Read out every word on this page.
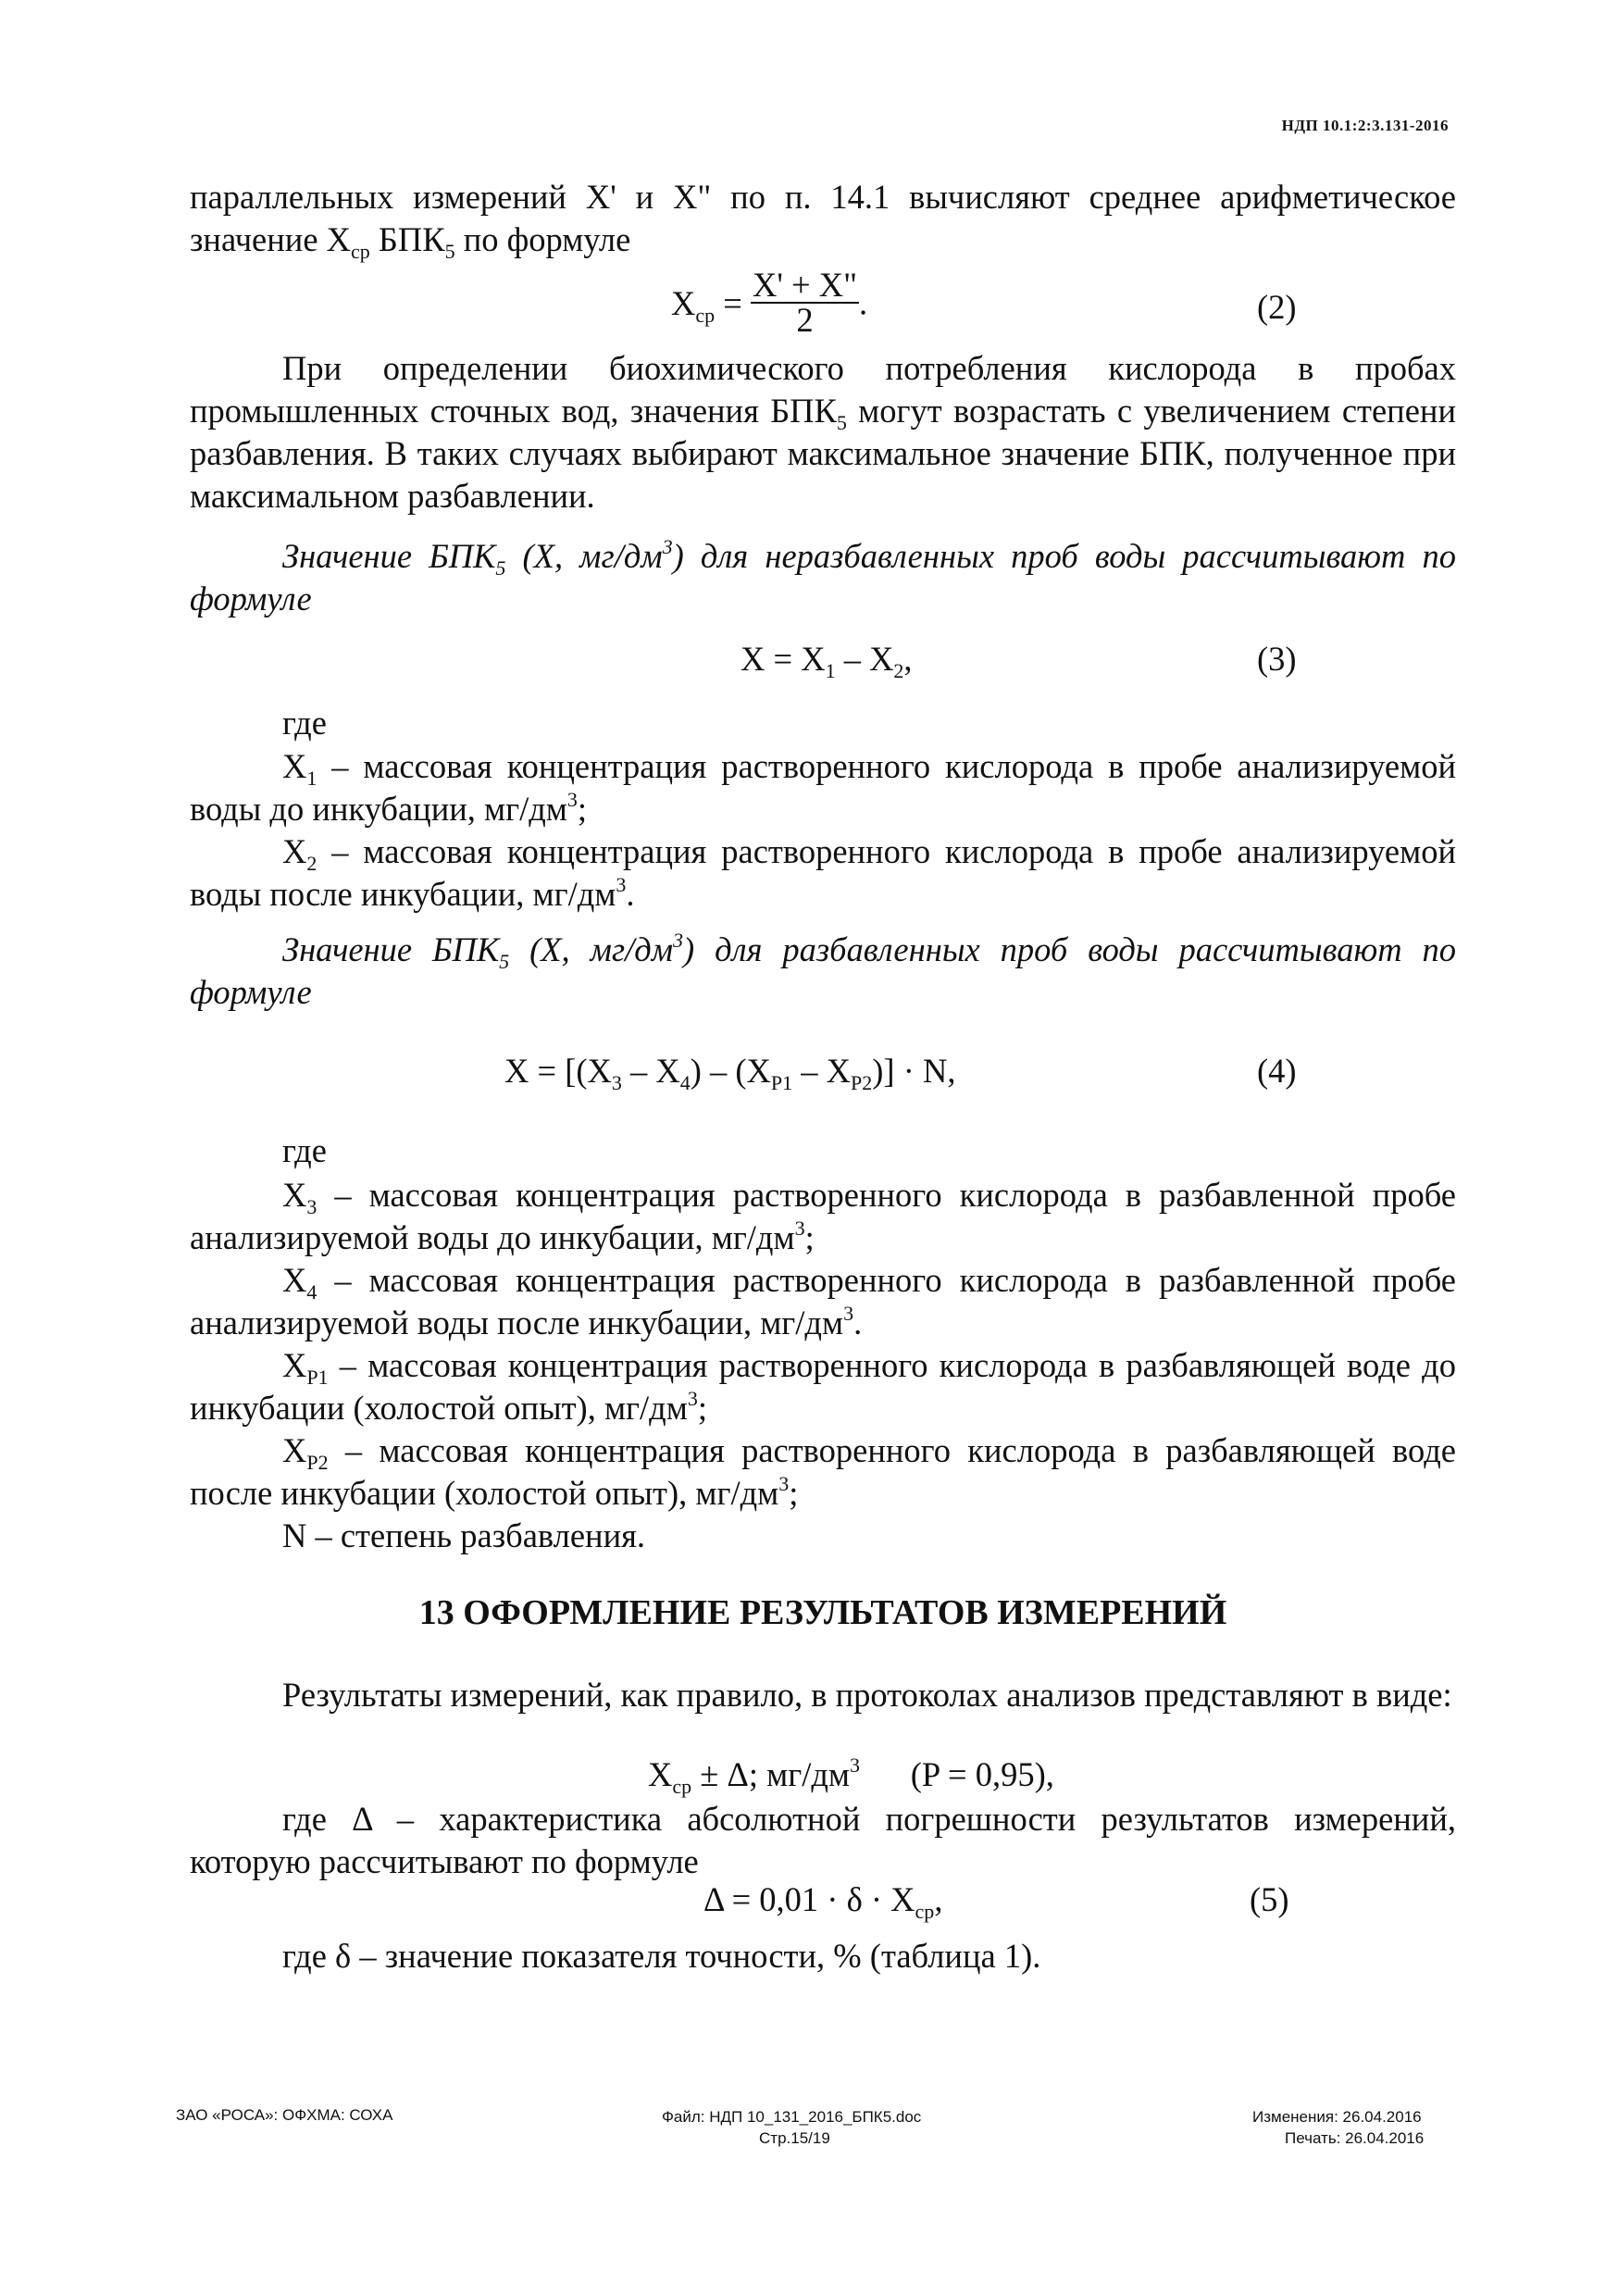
НДП 10.1:2:3.131-2016
параллельных измерений X' и X" по п. 14.1 вычисляют среднее арифметическое значение $X_{ср}$ $БПК_5$ по формуле
$X_{ср} = \frac{X' + X"}{2}$ .	(2)
При определении биохимического потребления кислорода в пробах промышленных сточных вод, значения $БПК_5$ могут возрастать с увеличением степени разбавления. В таких случаях выбирают максимальное значение БПК, полученное при максимальном разбавлении.
Значение $БПК_5$ (X, $мг/дм^3$) для неразбавленных проб воды рассчитывают по формуле
$X = X_1 - X_2$,	(3)
где
$X_1$ – массовая концентрация растворенного кислорода в пробе анализируемой воды до инкубации, $мг/дм^3$;
$X_2$ – массовая концентрация растворенного кислорода в пробе анализируемой воды после инкубации, $мг/дм^3$.
Значение $БПК_5$ (X, $мг/дм^3$) для разбавленных проб воды рассчитывают по формуле
$X = [(X_3 - X_4) - (X_{P1} - X_{P2})] \cdot N$,	(4)
где
$X_3$ – массовая концентрация растворенного кислорода в разбавленной пробе анализируемой воды до инкубации, $мг/дм^3$;
$X_4$ – массовая концентрация растворенного кислорода в разбавленной пробе анализируемой воды после инкубации, $мг/дм^3$.
$X_{P1}$ – массовая концентрация растворенного кислорода в разбавляющей воде до инкубации (холостой опыт), $мг/дм^3$;
$X_{P2}$ – массовая концентрация растворенного кислорода в разбавляющей воде после инкубации (холостой опыт), $мг/дм^3$;
N – степень разбавления.
13 ОФОРМЛЕНИЕ РЕЗУЛЬТАТОВ ИЗМЕРЕНИЙ
Результаты измерений, как правило, в протоколах анализов представляют в виде:
$X_{ср} \pm \Delta$; $мг/дм^3$      (P = 0,95),
где Δ – характеристика абсолютной погрешности результатов измерений, которую рассчитывают по формуле
$\Delta = 0,01 \cdot \delta \cdot X_{ср}$,	(5)
где δ – значение показателя точности, % (таблица 1).
ЗАО «РОСА»: ОФХМА: СОХА	Файл: НДП 10_131_2016_БПК5.doc
Стр.15/19
Изменения: 26.04.2016
Печать: 26.04.2016
